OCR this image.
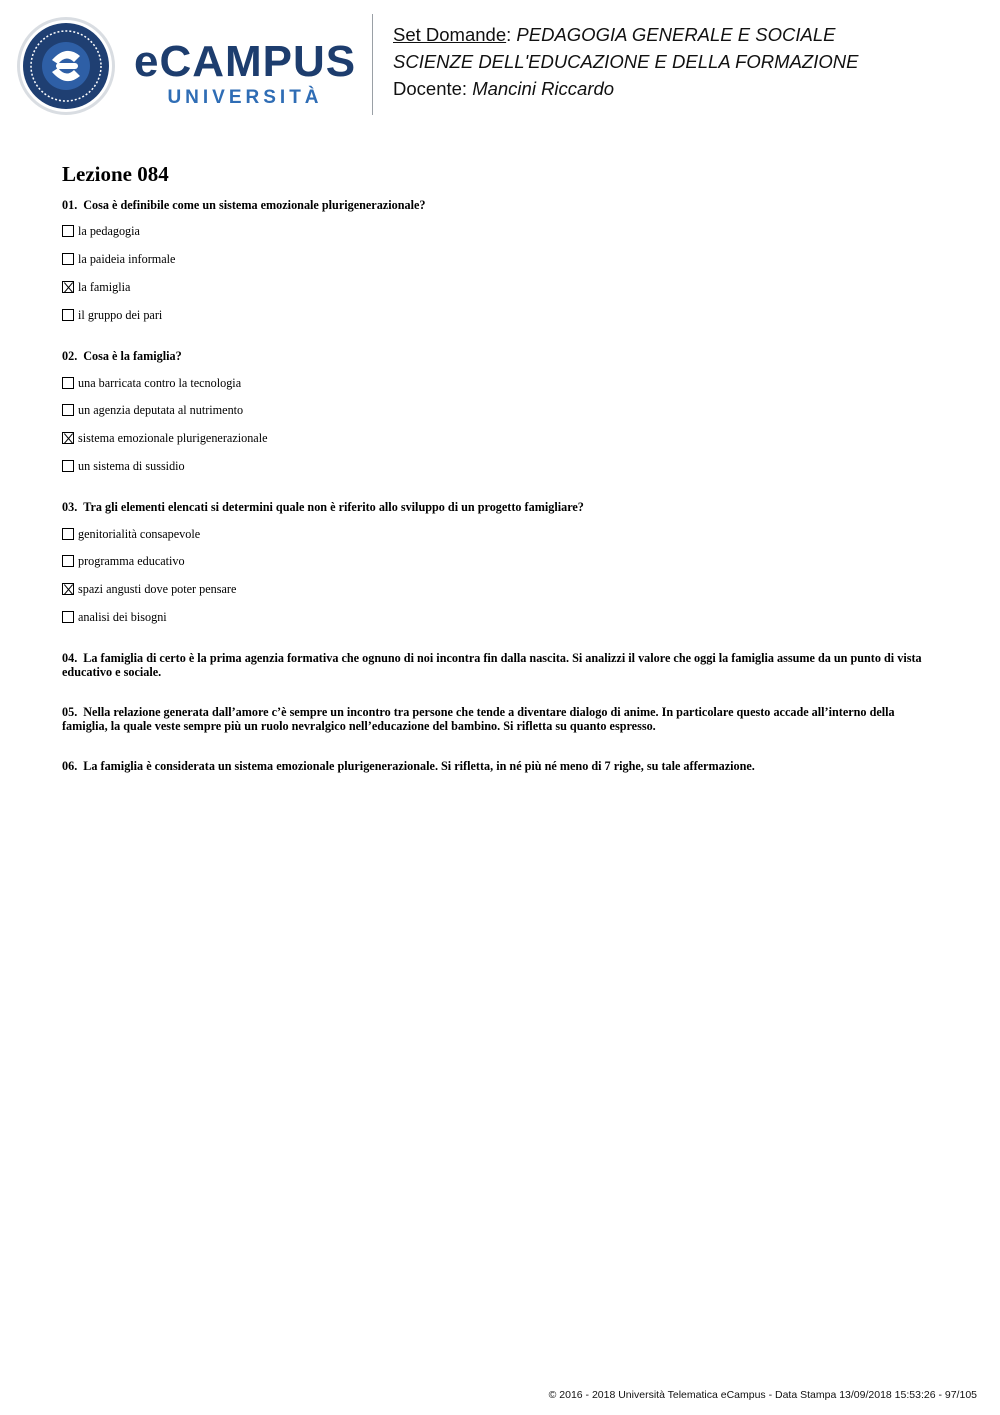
eCAMPUS
UNIVERSITÀ
Set Domande: PEDAGOGIA GENERALE E SOCIALE
SCIENZE DELL'EDUCAZIONE E DELLA FORMAZIONE
Docente: Mancini Riccardo
Lezione 084
01. Cosa è definibile come un sistema emozionale plurigenerazionale?
la pedagogia
la paideia informale
la famiglia
il gruppo dei pari
02. Cosa è la famiglia?
una barricata contro la tecnologia
un agenzia deputata al nutrimento
sistema emozionale plurigenerazionale
un sistema di sussidio
03. Tra gli elementi elencati si determini quale non è riferito allo sviluppo di un progetto famigliare?
genitorialità consapevole
programma educativo
spazi angusti dove poter pensare
analisi dei bisogni
04. La famiglia di certo è la prima agenzia formativa che ognuno di noi incontra fin dalla nascita. Si analizzi il valore che oggi la famiglia assume da un punto di vista educativo e sociale.
05. Nella relazione generata dall’amore c’è sempre un incontro tra persone che tende a diventare dialogo di anime. In particolare questo accade all’interno della famiglia, la quale veste sempre più un ruolo nevralgico nell’educazione del bambino. Si rifletta su quanto espresso.
06. La famiglia è considerata un sistema emozionale plurigenerazionale. Si rifletta, in né più né meno di 7 righe, su tale affermazione.
© 2016 - 2018 Università Telematica eCampus - Data Stampa 13/09/2018 15:53:26 - 97/105
